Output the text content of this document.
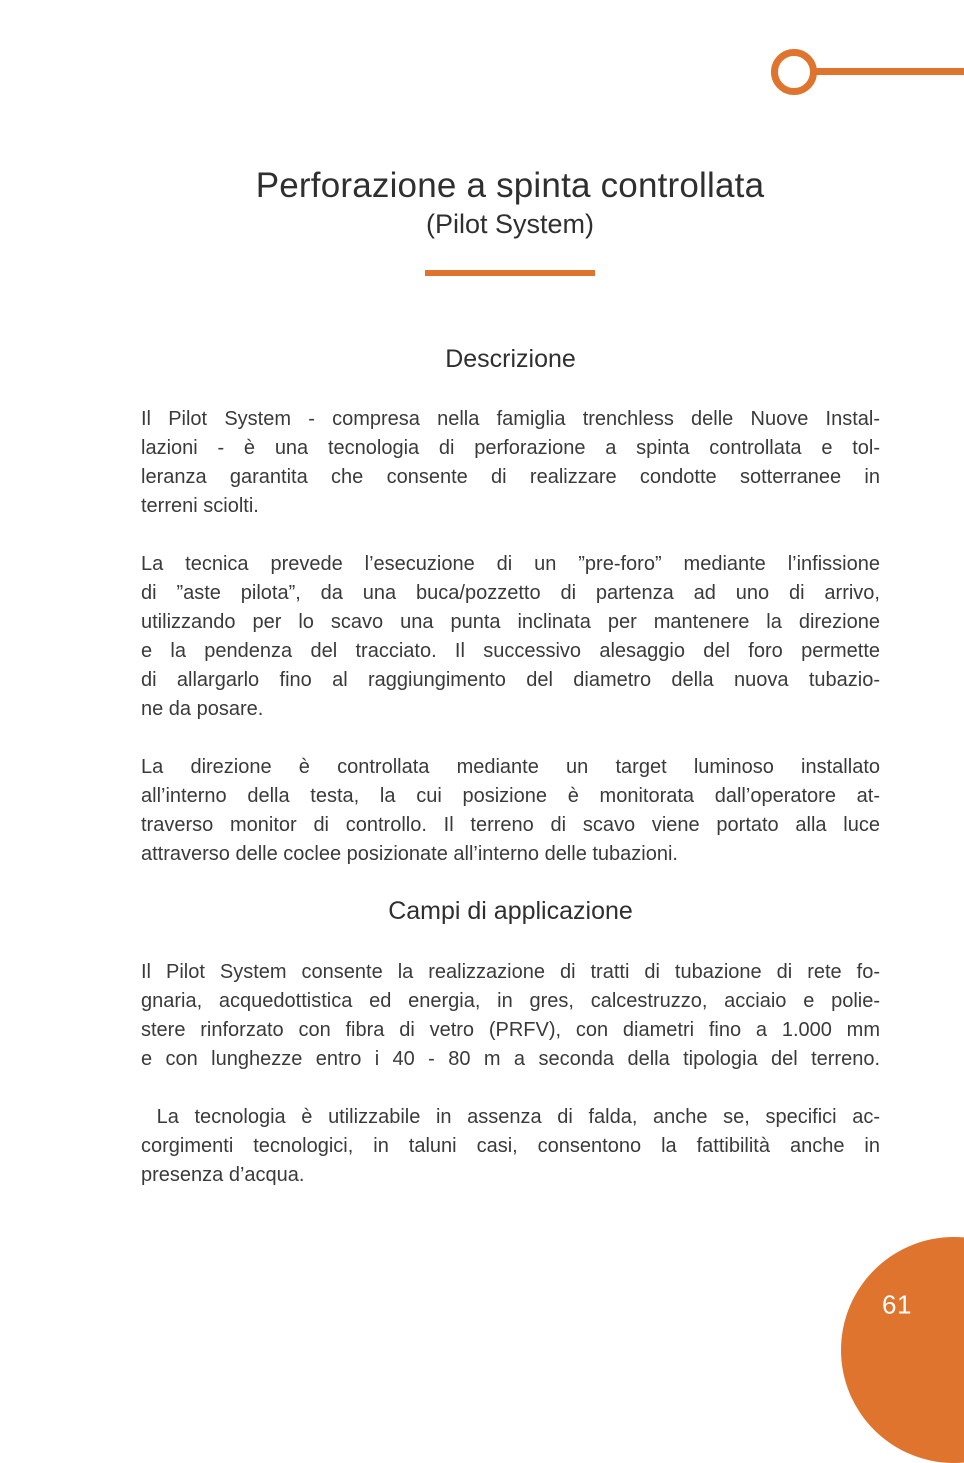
Perforazione a spinta controllata
(Pilot System)
Descrizione
Il Pilot System - compresa nella famiglia trenchless delle Nuove Instal-
lazioni - è una tecnologia di perforazione a spinta controllata e tol-
leranza garantita che consente di realizzare condotte sotterranee in
terreni sciolti.
La tecnica prevede l’esecuzione di un ”pre-foro” mediante l’infissione
di ”aste pilota”, da una buca/pozzetto di partenza ad uno di arrivo,
utilizzando per lo scavo una punta inclinata per mantenere la direzione
e la pendenza del tracciato. Il successivo alesaggio del foro permette
di allargarlo fino al raggiungimento del diametro della nuova tubazio-
ne da posare.
La direzione è controllata mediante un target luminoso installato
all’interno della testa, la cui posizione è monitorata dall’operatore at-
traverso monitor di controllo. Il terreno di scavo viene portato alla luce
attraverso delle coclee posizionate all’interno delle tubazioni.
Campi di applicazione
Il Pilot System consente la realizzazione di tratti di tubazione di rete fo-
gnaria, acquedottistica ed energia, in gres, calcestruzzo, acciaio e polie-
stere rinforzato con fibra di vetro (PRFV), con diametri fino a 1.000 mm
e con lunghezze entro i 40 - 80 m a seconda della tipologia del terreno.
La tecnologia è utilizzabile in assenza di falda, anche se, specifici ac-
corgimenti tecnologici, in taluni casi, consentono la fattibilità anche in
presenza d’acqua.
61
